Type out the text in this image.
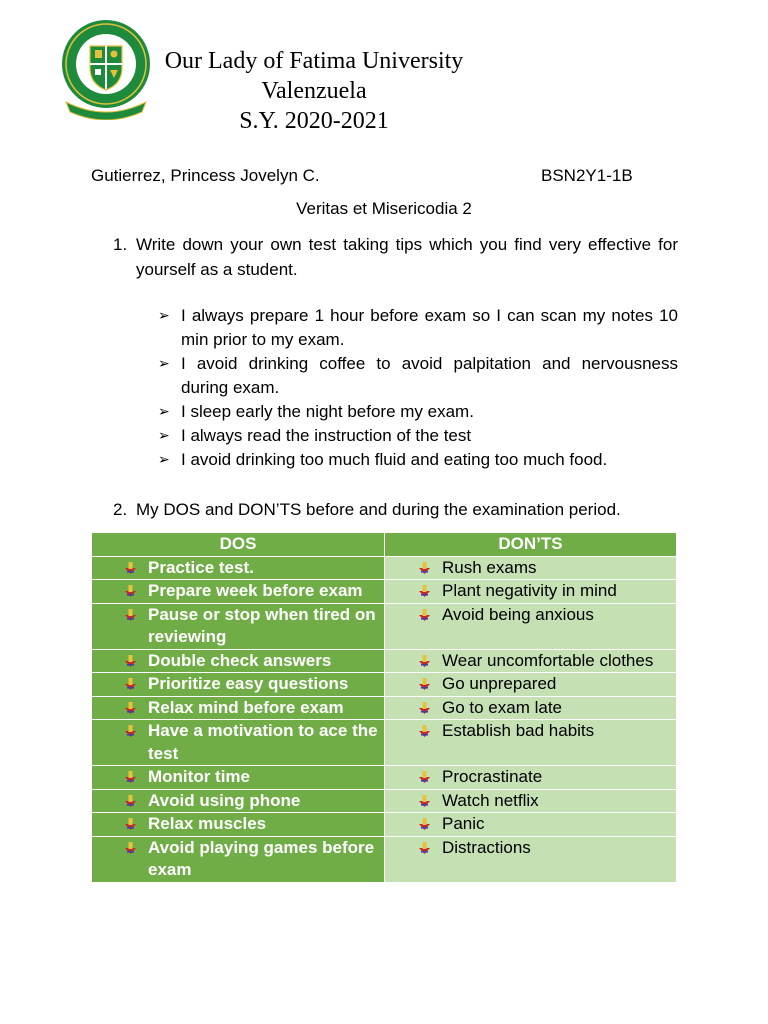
Our Lady of Fatima University Valenzuela
S.Y. 2020-2021
Gutierrez, Princess Jovelyn C.	BSN2Y1-1B
Veritas et Misericodia 2
1. Write down your own test taking tips which you find very effective for yourself as a student.

➢ I always prepare 1 hour before exam so I can scan my notes 10 min prior to my exam.

➢ I avoid drinking coffee to avoid palpitation and nervousness during exam.

➢ I sleep early the night before my exam.

➢ I always read the instruction of the test

➢ I avoid drinking too much fluid and eating too much food.

2. My DOS and DON’TS before and during the examination period.
DOS	DON’TS

Practice test.	Rush exams

Prepare week before exam	Plant negativity in mind

Pause or stop when tired on reviewing	Avoid being anxious

Double check answers	Wear uncomfortable clothes

Prioritize easy questions	Go unprepared

Relax mind before exam	Go to exam late

Have a motivation to ace the test	Establish bad habits

Monitor time	Procrastinate

Avoid using phone	Watch netflix

Relax muscles	Panic

Avoid playing games before exam	Distractions
